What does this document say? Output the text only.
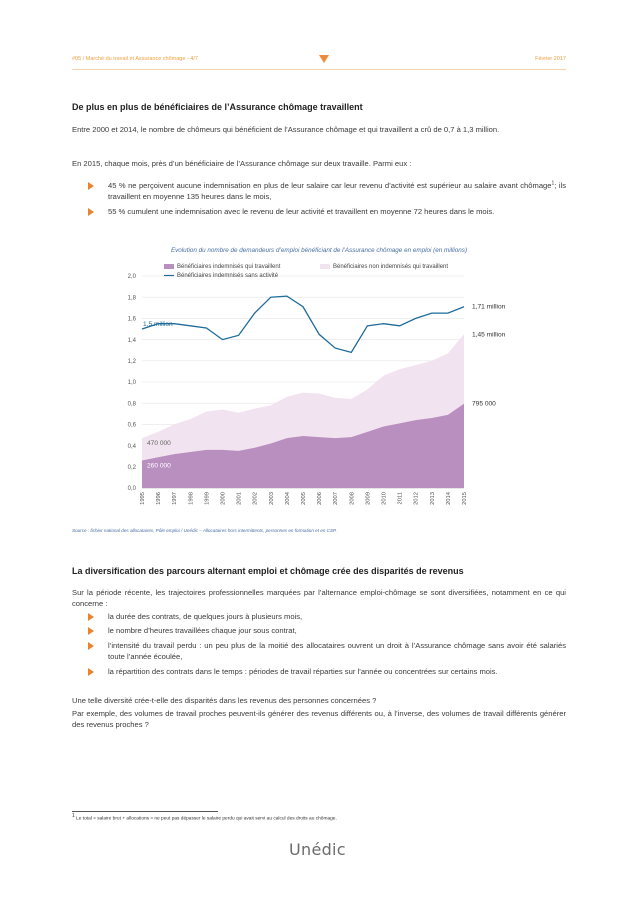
#05 / Marché du travail et Assurance chômage - 4/7	Février 2017
De plus en plus de bénéficiaires de l’Assurance chômage travaillent

Entre 2000 et 2014, le nombre de chômeurs qui bénéficient de l’Assurance chômage et qui travaillent a crû de 0,7 à 1,3 million.

En 2015, chaque mois, près d’un bénéficiaire de l’Assurance chômage sur deux travaille. Parmi eux :

45 % ne perçoivent aucune indemnisation en plus de leur salaire car leur revenu d’activité est supérieur au salaire avant chômage$^1$; ils travaillent en moyenne 135 heures dans le mois,
55 % cumulent une indemnisation avec le revenu de leur activité et travaillent en moyenne 72 heures dans le mois.
Evolution du nombre de demandeurs d’emploi bénéficiant de l’Assurance chômage en emploi (en millions)
0,0
0,2
0,4
0,6
0,8
1,0
1,2
1,4
1,6
1,8
2,0
1995 1996 1997 1998 1999 2000 2001 2002 2003 2004 2005 2006 2007 2008 2009 2010 2011 2012 2013 2014 2015
Bénéficiaires indemnisés qui travaillent	Bénéficiaires non indemnisés qui travaillent
Bénéficiaires indemnisés sans activité
1,5 million
1,71 million
1,45 million
795 000
470 000
260 000
Source : fichier national des allocataires, Pôle emploi / Unédic – Allocataires hors intermittents, personnes en formation et en CSP.
La diversification des parcours alternant emploi et chômage crée des disparités de revenus

Sur la période récente, les trajectoires professionnelles marquées par l’alternance emploi-chômage se sont diversifiées, notamment en ce qui concerne :

la durée des contrats, de quelques jours à plusieurs mois,
le nombre d’heures travaillées chaque jour sous contrat,
l’intensité du travail perdu : un peu plus de la moitié des allocataires ouvrent un droit à l’Assurance chômage sans avoir été salariés toute l’année écoulée,
la répartition des contrats dans le temps : périodes de travail réparties sur l’année ou concentrées sur certains mois.

Une telle diversité crée-t-elle des disparités dans les revenus des personnes concernées ?

Par exemple, des volumes de travail proches peuvent-ils générer des revenus différents ou, à l’inverse, des volumes de travail différents générer des revenus proches ?

1 Le total « salaire brut + allocations » ne peut pas dépasser le salaire perdu qui avait servi au calcul des droits au chômage.
Unédic
